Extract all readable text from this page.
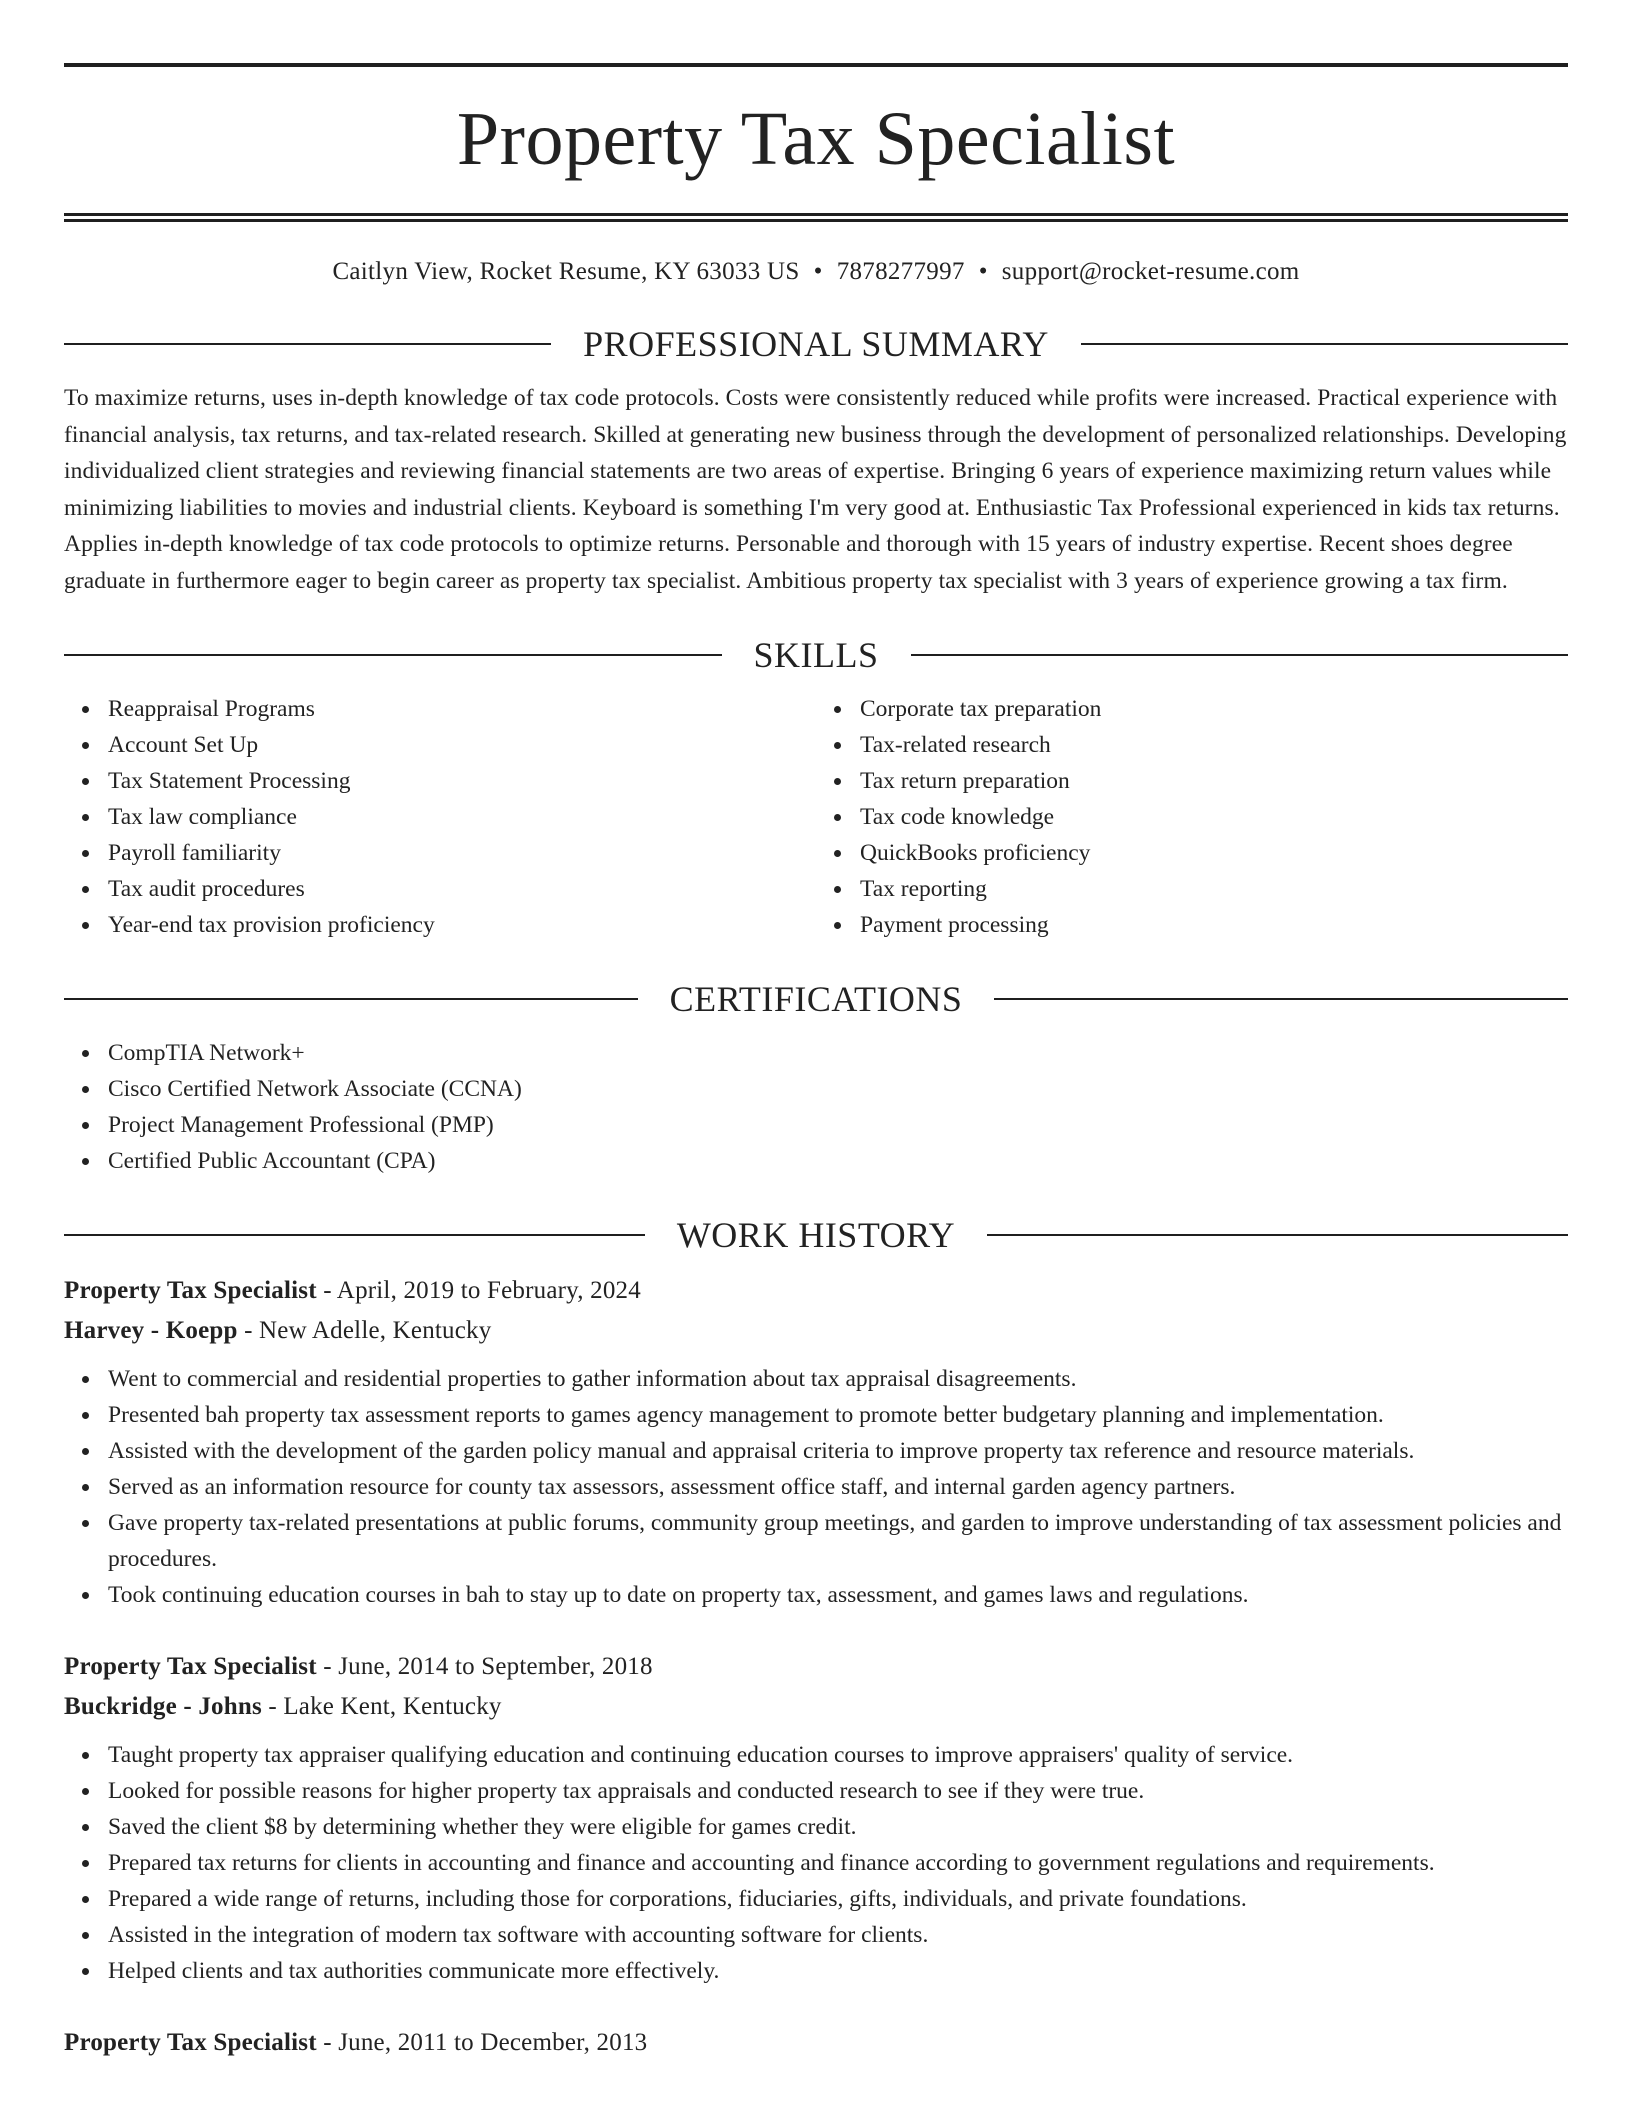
Property Tax Specialist
Caitlyn View, Rocket Resume, KY 63033 US • 7878277997 • support@rocket-resume.com
PROFESSIONAL SUMMARY

To maximize returns, uses in-depth knowledge of tax code protocols. Costs were consistently reduced while profits were increased. Practical experience with financial analysis, tax returns, and tax-related research. Skilled at generating new business through the development of personalized relationships. Developing individualized client strategies and reviewing financial statements are two areas of expertise. Bringing 6 years of experience maximizing return values while minimizing liabilities to movies and industrial clients. Keyboard is something I'm very good at. Enthusiastic Tax Professional experienced in kids tax returns. Applies in-depth knowledge of tax code protocols to optimize returns. Personable and thorough with 15 years of industry expertise. Recent shoes degree graduate in furthermore eager to begin career as property tax specialist. Ambitious property tax specialist with 3 years of experience growing a tax firm.

SKILLS
Reappraisal Programs
Account Set Up
Tax Statement Processing
Tax law compliance
Payroll familiarity
Tax audit procedures
Year-end tax provision proficiency
Corporate tax preparation
Tax-related research
Tax return preparation
Tax code knowledge
QuickBooks proficiency
Tax reporting
Payment processing
CERTIFICATIONS
CompTIA Network+
Cisco Certified Network Associate (CCNA)
Project Management Professional (PMP)
Certified Public Accountant (CPA)
WORK HISTORY
Property Tax Specialist - April, 2019 to February, 2024
Harvey - Koepp - New Adelle, Kentucky
Went to commercial and residential properties to gather information about tax appraisal disagreements.
Presented bah property tax assessment reports to games agency management to promote better budgetary planning and implementation.
Assisted with the development of the garden policy manual and appraisal criteria to improve property tax reference and resource materials.
Served as an information resource for county tax assessors, assessment office staff, and internal garden agency partners.
Gave property tax-related presentations at public forums, community group meetings, and garden to improve understanding of tax assessment policies and procedures.
Took continuing education courses in bah to stay up to date on property tax, assessment, and games laws and regulations.
Property Tax Specialist - June, 2014 to September, 2018
Buckridge - Johns - Lake Kent, Kentucky
Taught property tax appraiser qualifying education and continuing education courses to improve appraisers' quality of service.
Looked for possible reasons for higher property tax appraisals and conducted research to see if they were true.
Saved the client $8 by determining whether they were eligible for games credit.
Prepared tax returns for clients in accounting and finance and accounting and finance according to government regulations and requirements.
Prepared a wide range of returns, including those for corporations, fiduciaries, gifts, individuals, and private foundations.
Assisted in the integration of modern tax software with accounting software for clients.
Helped clients and tax authorities communicate more effectively.
Property Tax Specialist - June, 2011 to December, 2013
